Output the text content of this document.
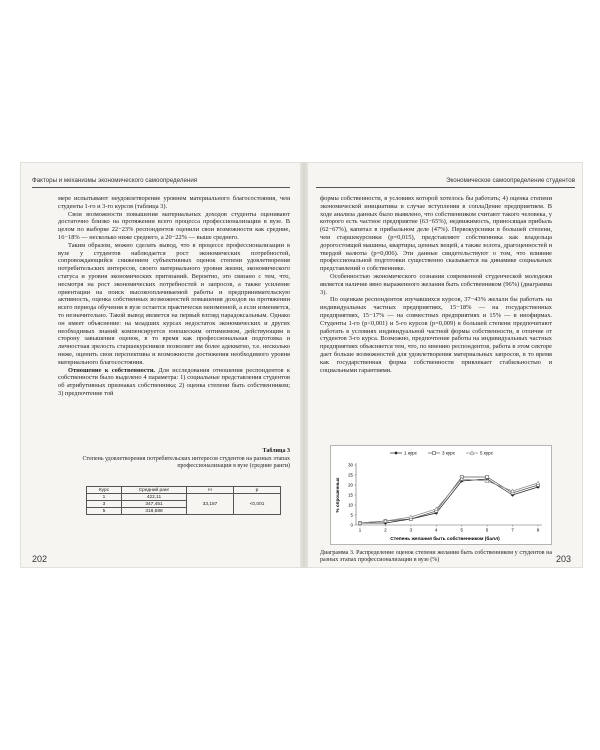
Факторы и механизмы экономического самоопределения

мере испытывают неудовлетворение уровнем материального благосостояния, чем студенты 1-го и 3-го курсов (таблица 3).

Свои возможности повышения материальных доходов студенты оценивают достаточно близко на протяжении всего процесса профессионализации в вузе. В целом по выборке 22−23% респондентов оценили свои возможности как средние, 16−18% — несколько ниже среднего, а 20−22% — выше среднего.

Таким образом, можно сделать вывод, что в процессе профессионализации в вузе у студентов наблюдается рост экономических потребностей, сопровождающийся снижением субъективных оценок степени удовлетворения потребительских интересов, своего материального уровня жизни, экономического статуса и уровня экономических притязаний. Вероятно, это связано с тем, что, несмотря на рост экономических потребностей и запросов, а также усиление ориентации на поиск высокооплачиваемой работы и предпринимательскую активность, оценка собственных возможностей повышения доходов на протяжении всего периода обучения в вузе остается практически неизменной, а если изменяется, то незначительно. Такой вывод является на первый взгляд парадоксальным. Однако он имеет объяснение: на младших курсах недостаток экономических и других необходимых знаний компенсируется юношеским оптимизмом, действующим в сторону завышения оценок, в то время как профессиональная подготовка и личностная зрелость старшекурсников позволяет им более адекватно, т.е. несколько ниже, оценить свои перспективы и возможности достижения необходимого уровня материального благосостояния.

Отношение к собственности. Для исследования отношения респондентов к собственности было выделено 4 параметра: 1) социальные представления студентов об атрибутивных признаках собственника; 2) оценка степени быть собственником; 3) предпочтение той

Таблица 3
Степень удовлетворения потребительских интересов студентов на разных этапах профессионализации в вузе (средние ранги)
Курс	Средний ранг	H	p
1	422,11	33,187	<0,001
3	347,451		
5	318,588		
202
Экономическое самоопределение студентов

формы собственности, в условиях которой хотелось бы работать; 4) оценка степени экономической инициативы в случае вступления в соплаДение предприятием. В ходе анализа данных было выявлено, что собственником считают такого человека, у которого есть частное предприятие (63−65%), недвижимость, приносящая прибыль (62−67%), капитал в прибыльном деле (47%). Первокурсники в большей степени, чем старшекурсники (р=0,015), представляют собственника как владельца дорогостоящей машины, квартиры, ценных вещей, а также золота, драгоценностей и твердой валюты (р=0,006). Эти данные свидетельствуют о том, что влияние профессиональной подготовки существенно сказывается на динамике социальных представлений о собственнике.

Особенностью экономического сознания современной студенческой молодежи является наличие явно выраженного желания быть собственником (96%) (диаграмма 3).

По оценкам респондентов изучавшихся курсов, 37−43% желали бы работать на индивидуальных частных предприятиях, 15−18% — на государственных предприятиях, 15−17% — на совместных предприятиях и 15% — в инофирмах. Студенты 1-го (р<0,001) и 5-го курсов (р=0,009) в большей степени предпочитают работать в условиях индивидуальной частной формы собственности, в отличие от студентов 3-го курса. Возможно, предпочтение работы на индивидуальных частных предприятиях объясняется тем, что, по мнению респондентов, работа в этом секторе дает больше возможностей для удовлетворения материальных запросов, в то время как государственная форма собственности привлекает стабильностью и социальными гарантиями.

1 курс	3 курс	5 курс
0
5
10
15
20
25
30
1	2	3	4	5	6	7	8
% опрошенных
Степень желания быть собственником (балл)
Диаграмма 3. Распределение оценок степени желания быть собственником у студентов на разных этапах профессионализации в вузе (%)	203
